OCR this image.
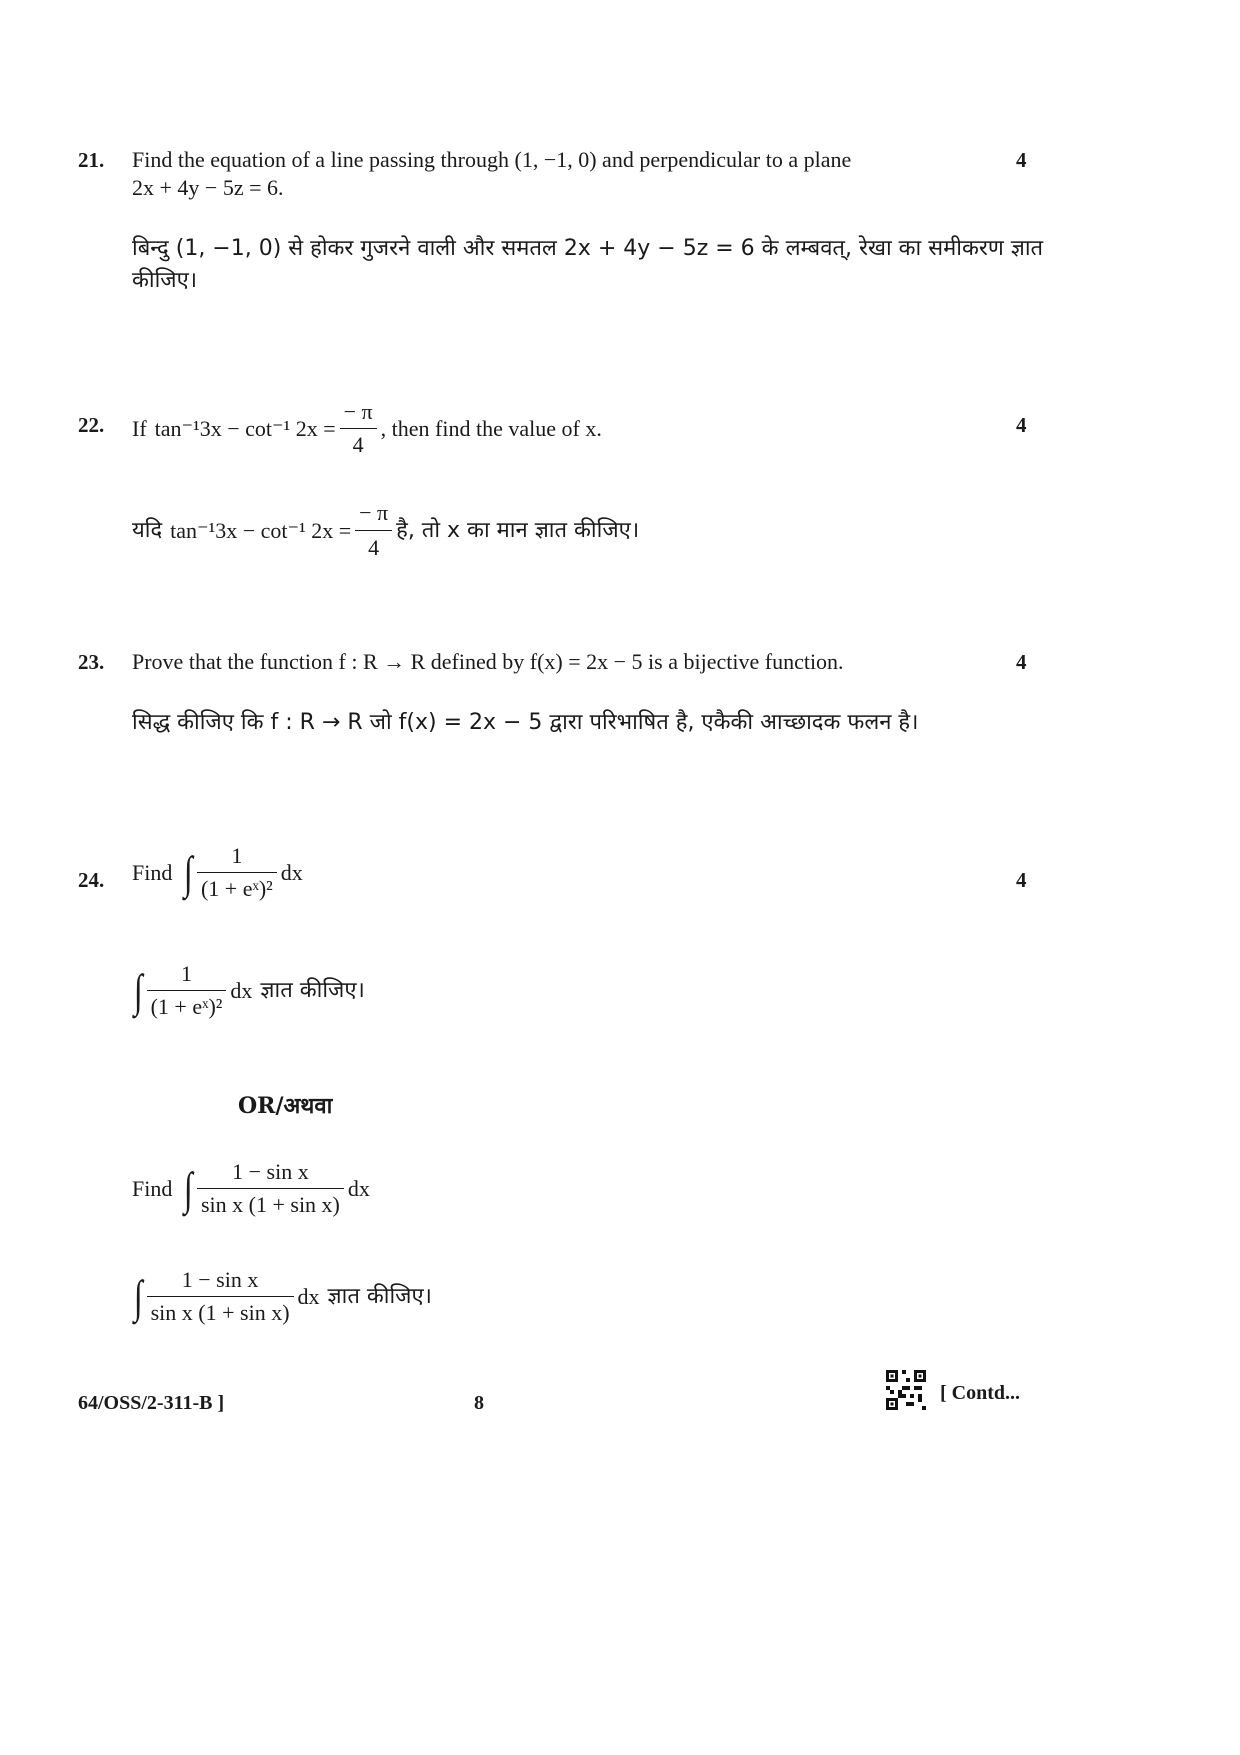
21. Find the equation of a line passing through (1, −1, 0) and perpendicular to a plane
2x + 4y − 5z = 6.
4
बिन्दु (1, −1, 0) से होकर गुजरने वाली और समतल 2x + 4y − 5z = 6 के लम्बवत्, रेखा का समीकरण ज्ञात
कीजिए।
22. If tan⁻¹3x − cot⁻¹ $2x = \frac{- \pi}{4}$ , then find the value of x.	4
यदि tan⁻¹3x − cot⁻¹ $2x = \frac{- \pi}{4}$ है, तो x का मान ज्ञात कीजिए।
23. Prove that the function f : R → R defined by f(x) = 2x − 5 is a bijective function.	4
सिद्ध कीजिए कि f : R → R जो f(x) = 2x − 5 द्वारा परिभाषित है, एकैकी आच्छादक फलन है।
24. Find ∫ $\frac{1}{\text{(1 + eˣ)²}}$ dx	4
∫ $\frac{1}{\text{(1 + eˣ)²}}$ dx ज्ञात कीजिए।
OR/अथवा
Find ∫ $\frac{\text{1 − sin x}}{\text{sin x (1 + sin x)}}$ dx
∫ $\frac{\text{1 − sin x}}{\text{sin x (1 + sin x)}}$ dx ज्ञात कीजिए।
64/OSS/2-311-B ]	8	[ Contd...
